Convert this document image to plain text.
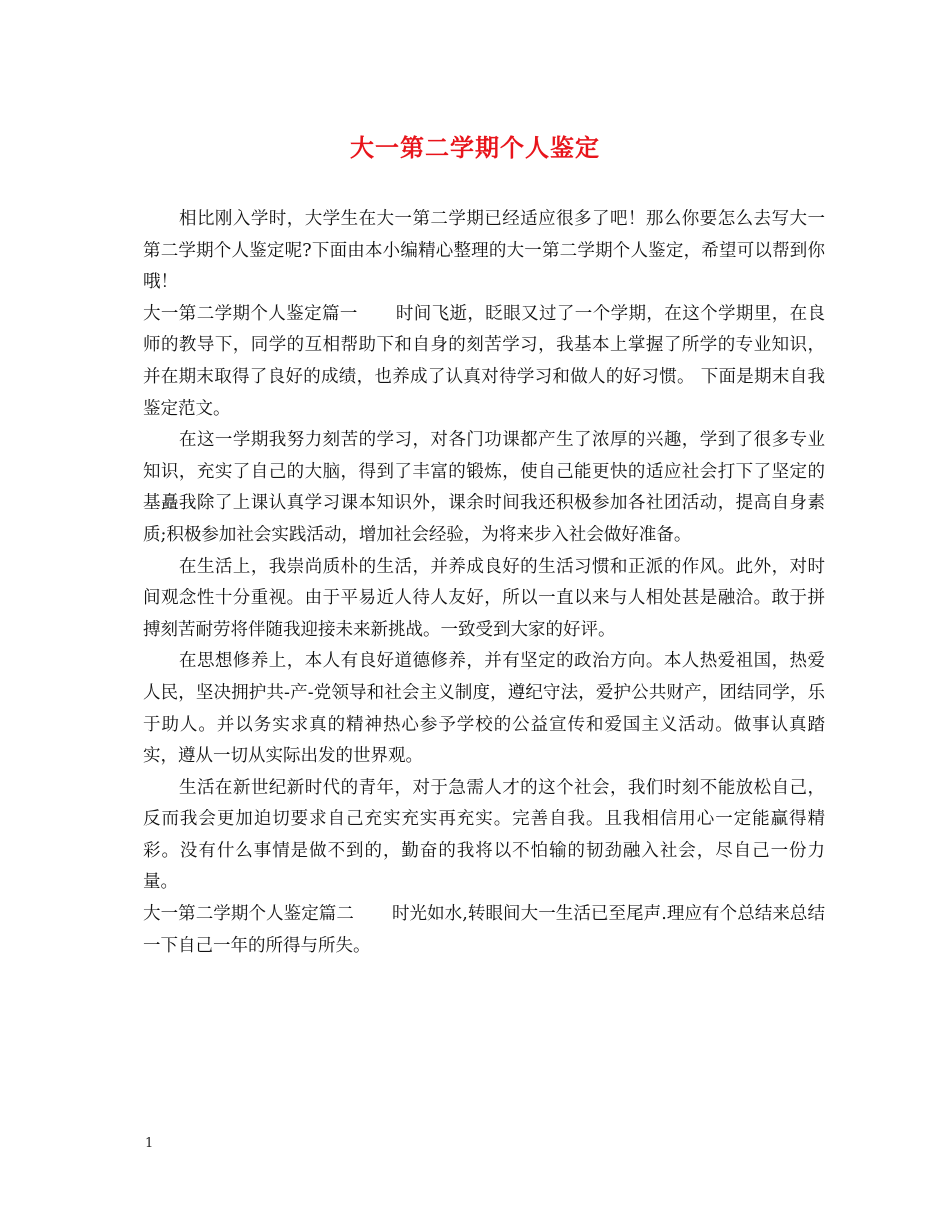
大一第二学期个人鉴定

相比刚入学时，大学生在大一第二学期已经适应很多了吧！那么你要怎么去写大一第二学期个人鉴定呢?下面由本小编精心整理的大一第二学期个人鉴定，希望可以帮到你哦！

大一第二学期个人鉴定篇一 时间飞逝，眨眼又过了一个学期，在这个学期里，在良师的教导下，同学的互相帮助下和自身的刻苦学习，我基本上掌握了所学的专业知识，并在期末取得了良好的成绩，也养成了认真对待学习和做人的好习惯。 下面是期末自我鉴定范文。

在这一学期我努力刻苦的学习，对各门功课都产生了浓厚的兴趣，学到了很多专业知识，充实了自己的大脑，得到了丰富的锻炼，使自己能更快的适应社会打下了坚定的基矗我除了上课认真学习课本知识外，课余时间我还积极参加各社团活动，提高自身素质;积极参加社会实践活动，增加社会经验，为将来步入社会做好准备。

在生活上，我崇尚质朴的生活，并养成良好的生活习惯和正派的作风。此外，对时间观念性十分重视。由于平易近人待人友好，所以一直以来与人相处甚是融洽。敢于拼搏刻苦耐劳将伴随我迎接未来新挑战。一致受到大家的好评。

在思想修养上，本人有良好道德修养，并有坚定的政治方向。本人热爱祖国，热爱人民，坚决拥护共-产-党领导和社会主义制度，遵纪守法，爱护公共财产，团结同学，乐于助人。并以务实求真的精神热心参予学校的公益宣传和爱国主义活动。做事认真踏实，遵从一切从实际出发的世界观。

生活在新世纪新时代的青年，对于急需人才的这个社会，我们时刻不能放松自己，反而我会更加迫切要求自己充实充实再充实。完善自我。且我相信用心一定能赢得精彩。没有什么事情是做不到的，勤奋的我将以不怕输的韧劲融入社会，尽自己一份力量。

大一第二学期个人鉴定篇二 时光如水,转眼间大一生活已至尾声.理应有个总结来总结一下自己一年的所得与所失。

1
